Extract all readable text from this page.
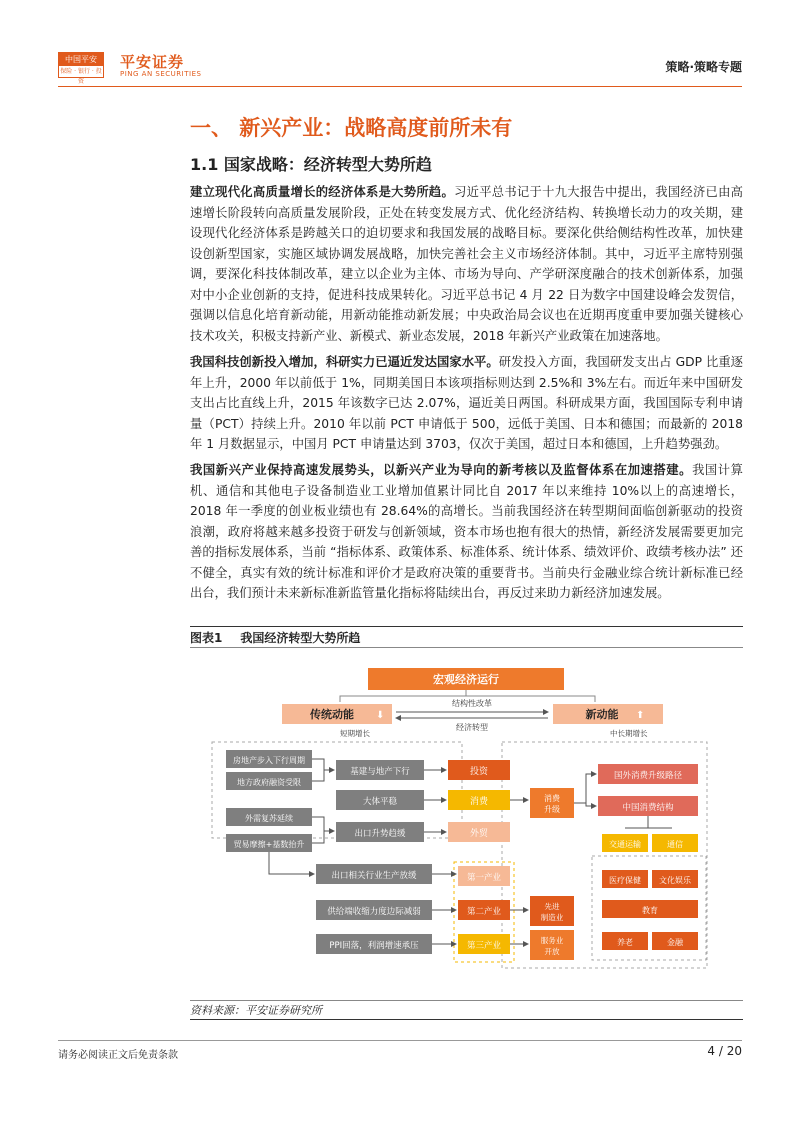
中国平安
保险 · 银行 · 投资
平安证券
PING AN SECURITIES	策略·策略专题
一、 新兴产业：战略高度前所未有
1.1 国家战略：经济转型大势所趋
建立现代化高质量增长的经济体系是大势所趋。习近平总书记于十九大报告中提出，我国经济已由高速增长阶段转向高质量发展阶段，正处在转变发展方式、优化经济结构、转换增长动力的攻关期，建设现代化经济体系是跨越关口的迫切要求和我国发展的战略目标。要深化供给侧结构性改革，加快建设创新型国家，实施区域协调发展战略，加快完善社会主义市场经济体制。其中，习近平主席特别强调，要深化科技体制改革，建立以企业为主体、市场为导向、产学研深度融合的技术创新体系，加强对中小企业创新的支持，促进科技成果转化。习近平总书记 4 月 22 日为数字中国建设峰会发贺信，强调以信息化培育新动能，用新动能推动新发展；中央政治局会议也在近期再度重申要加强关键核心技术攻关，积极支持新产业、新模式、新业态发展，2018 年新兴产业政策在加速落地。
我国科技创新投入增加，科研实力已逼近发达国家水平。研发投入方面，我国研发支出占 GDP 比重逐年上升，2000 年以前低于 1%，同期美国日本该项指标则达到 2.5%和 3%左右。而近年来中国研发支出占比直线上升，2015 年该数字已达 2.07%，逼近美日两国。科研成果方面，我国国际专利申请量（PCT）持续上升。2010 年以前 PCT 申请低于 500，远低于美国、日本和德国；而最新的 2018 年 1 月数据显示，中国月 PCT 申请量达到 3703，仅次于美国，超过日本和德国，上升趋势强劲。
我国新兴产业保持高速发展势头，以新兴产业为导向的新考核以及监督体系在加速搭建。我国计算机、通信和其他电子设备制造业工业增加值累计同比自 2017 年以来维持 10%以上的高速增长，2018 年一季度的创业板业绩也有 28.64%的高增长。当前我国经济在转型期间面临创新驱动的投资浪潮，政府将越来越多投资于研发与创新领域，资本市场也抱有很大的热情，新经济发展需要更加完善的指标发展体系，当前 “指标体系、政策体系、标准体系、统计体系、绩效评价、政绩考核办法” 还不健全，真实有效的统计标准和评价才是政府决策的重要背书。当前央行金融业综合统计新标准已经出台，我们预计未来新标准新监管量化指标将陆续出台，再反过来助力新经济加速发展。
图表1 我国经济转型大势所趋
宏观经济运行
传统动能 ⬇	新动能 ⬆
结构性改革
经济转型
短期增长	中长期增长
房地产步入下行周期
地方政府融资受限
外需复苏延续
贸易摩擦+基数抬升
基建与地产下行
大体平稳
出口升势趋缓
投资
消费
外贸
消费
升级
国外消费升级路径
中国消费结构
交通运输	通信
医疗保健 文化娱乐
教育
养老	金融
出口相关行业生产放缓
供给端收缩力度边际减弱
PPI回落，利润增速承压
第一产业
第二产业
第三产业
先进
制造业
服务业
开放
资料来源：平安证券研究所
请务必阅读正文后免责条款	4 / 20
